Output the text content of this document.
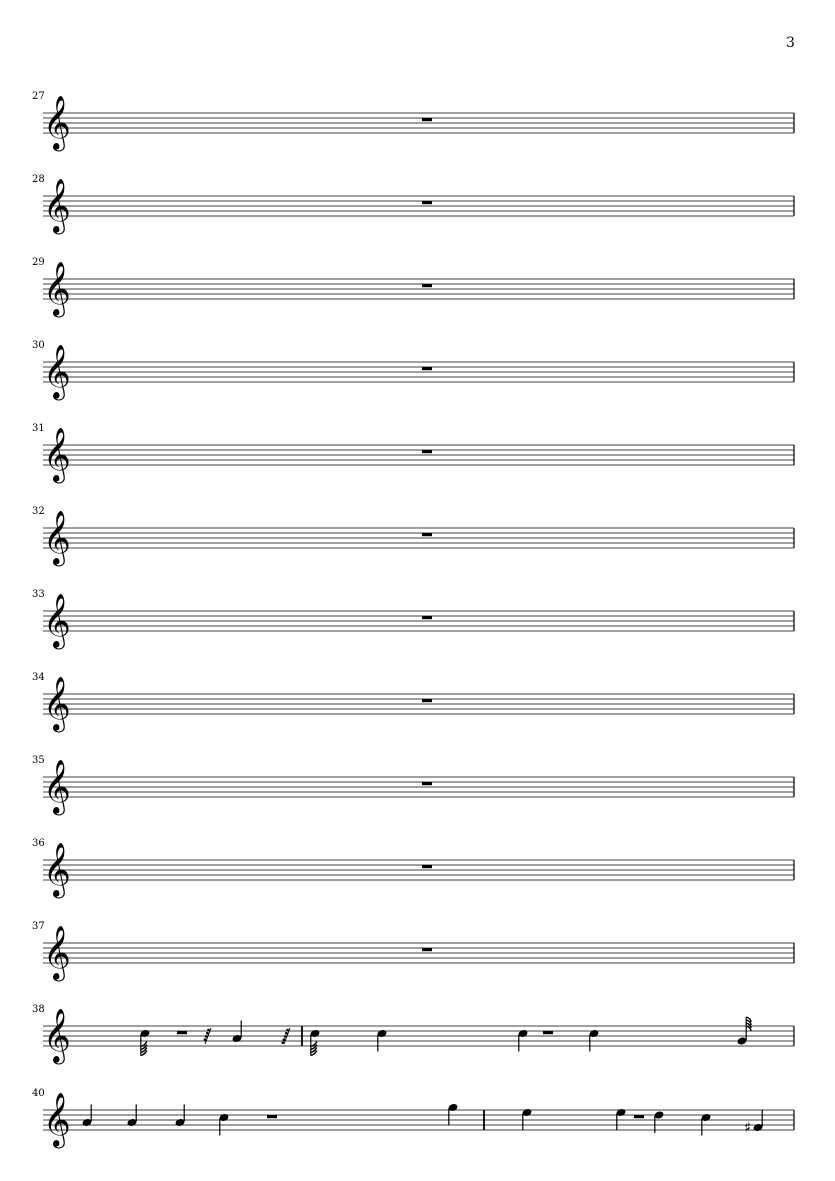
3
27
𝄞
28
𝄞
29
𝄞
30
𝄞
31
𝄞
32
𝄞
33
𝄞
34
𝄞
35
𝄞
36
𝄞
37
𝄞
38
𝄞
40
𝄞	♯
